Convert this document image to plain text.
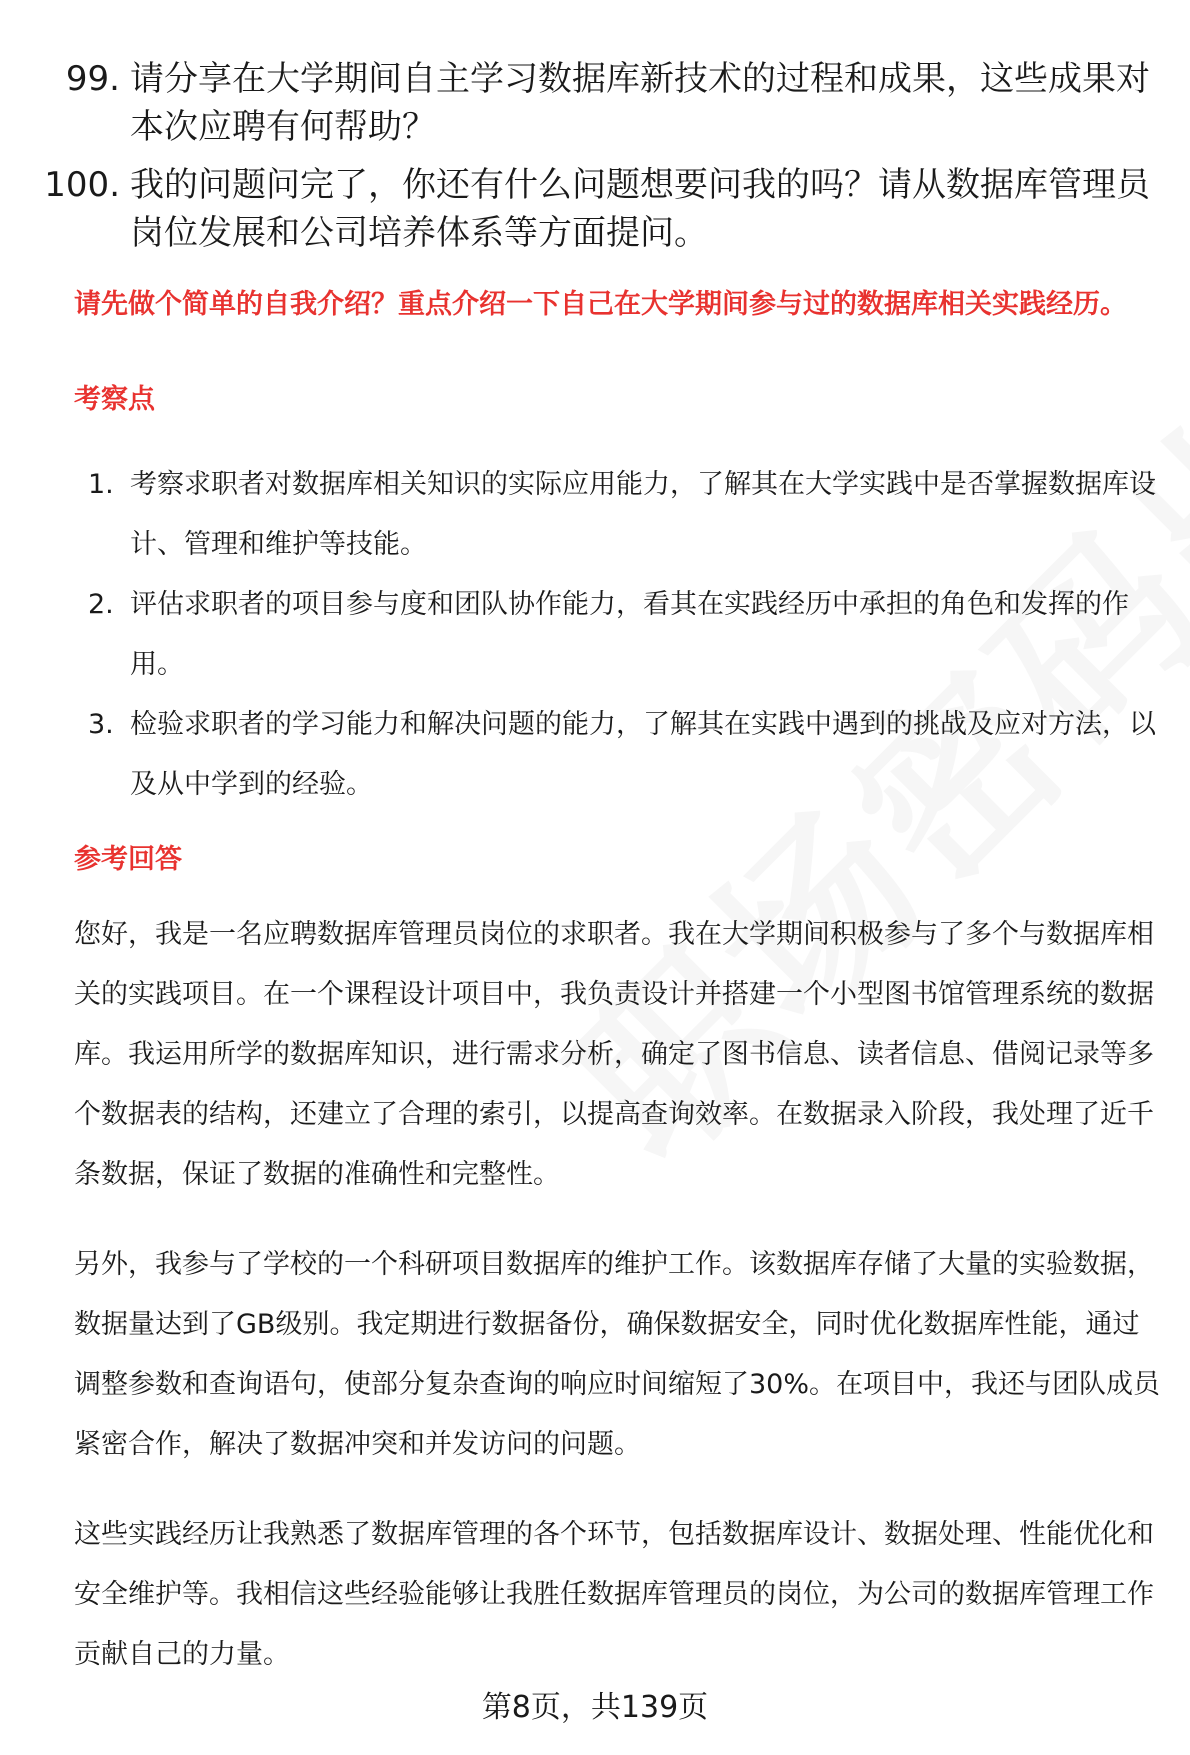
99. 请分享在大学期间自主学习数据库新技术的过程和成果，这些成果对本次应聘有何帮助？
100. 我的问题问完了，你还有什么问题想要问我的吗？请从数据库管理员岗位发展和公司培养体系等方面提问。
请先做个简单的自我介绍？重点介绍一下自己在大学期间参与过的数据库相关实践经历。
考察点
1. 考察求职者对数据库相关知识的实际应用能力，了解其在大学实践中是否掌握数据库设计、管理和维护等技能。
2. 评估求职者的项目参与度和团队协作能力，看其在实践经历中承担的角色和发挥的作用。
3. 检验求职者的学习能力和解决问题的能力，了解其在实践中遇到的挑战及应对方法，以及从中学到的经验。
参考回答

您好，我是一名应聘数据库管理员岗位的求职者。我在大学期间积极参与了多个与数据库相关的实践项目。在一个课程设计项目中，我负责设计并搭建一个小型图书馆管理系统的数据库。我运用所学的数据库知识，进行需求分析，确定了图书信息、读者信息、借阅记录等多个数据表的结构，还建立了合理的索引，以提高查询效率。在数据录入阶段，我处理了近千条数据，保证了数据的准确性和完整性。

另外，我参与了学校的一个科研项目数据库的维护工作。该数据库存储了大量的实验数据，数据量达到了GB级别。我定期进行数据备份，确保数据安全，同时优化数据库性能，通过调整参数和查询语句，使部分复杂查询的响应时间缩短了30%。在项目中，我还与团队成员紧密合作，解决了数据冲突和并发访问的问题。

这些实践经历让我熟悉了数据库管理的各个环节，包括数据库设计、数据处理、性能优化和安全维护等。我相信这些经验能够让我胜任数据库管理员的岗位，为公司的数据库管理工作贡献自己的力量。

第8页，共139页
